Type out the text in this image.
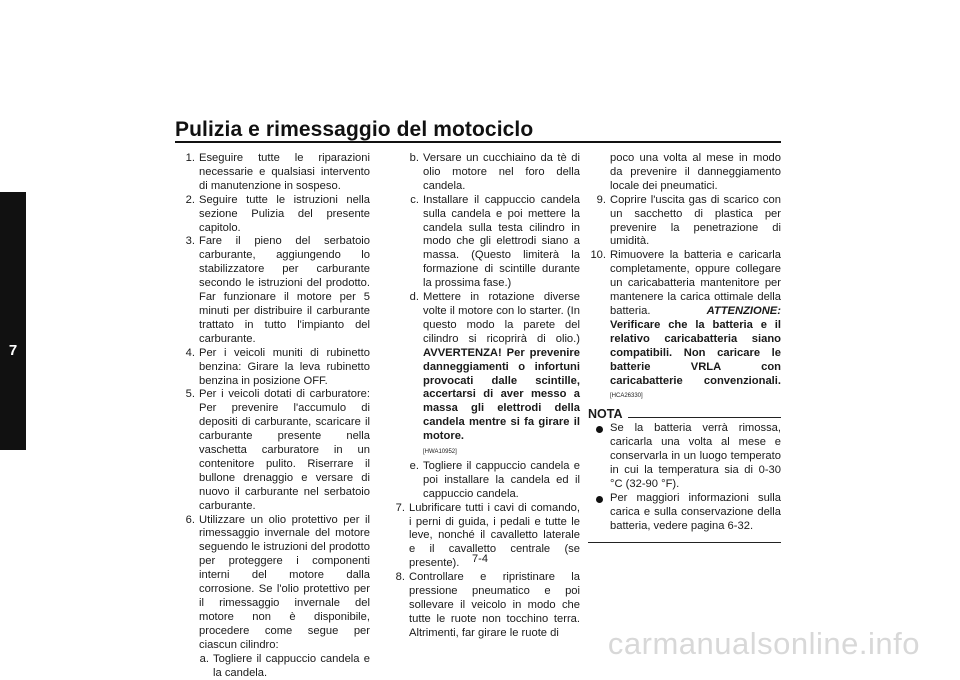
Pulizia e rimessaggio del motociclo
7
1. Eseguire tutte le riparazioni necessarie e qualsiasi intervento di manutenzione in sospeso.
2. Seguire tutte le istruzioni nella sezione Pulizia del presente capitolo.
3. Fare il pieno del serbatoio carburante, aggiungendo lo stabilizzatore per carburante secondo le istruzioni del prodotto. Far funzionare il motore per 5 minuti per distribuire il carburante trattato in tutto l'impianto del carburante.
4. Per i veicoli muniti di rubinetto benzina: Girare la leva rubinetto benzina in posizione OFF.
5. Per i veicoli dotati di carburatore: Per prevenire l'accumulo di depositi di carburante, scaricare il carburante presente nella vaschetta carburatore in un contenitore pulito. Riserrare il bullone drenaggio e versare di nuovo il carburante nel serbatoio carburante.
6. Utilizzare un olio protettivo per il rimessaggio invernale del motore seguendo le istruzioni del prodotto per proteggere i componenti interni del motore dalla corrosione. Se l'olio protettivo per il rimessaggio invernale del motore non è disponibile, procedere come segue per ciascun cilindro:
a. Togliere il cappuccio candela e la candela.
b. Versare un cucchiaino da tè di olio motore nel foro della candela.
c. Installare il cappuccio candela sulla candela e poi mettere la candela sulla testa cilindro in modo che gli elettrodi siano a massa. (Questo limiterà la formazione di scintille durante la prossima fase.)
d. Mettere in rotazione diverse volte il motore con lo starter. (In questo modo la parete del cilindro si ricoprirà di olio.) AVVERTENZA! Per prevenire danneggiamenti o infortuni provocati dalle scintille, accertarsi di aver messo a massa gli elettrodi della candela mentre si fa girare il motore.
[HWA10952]
e. Togliere il cappuccio candela e poi installare la candela ed il cappuccio candela.
7. Lubrificare tutti i cavi di comando, i perni di guida, i pedali e tutte le leve, nonché il cavalletto laterale e il cavalletto centrale (se presente).
8. Controllare e ripristinare la pressione pneumatico e poi sollevare il veicolo in modo che tutte le ruote non tocchino terra. Altrimenti, far girare le ruote di
poco una volta al mese in modo da prevenire il danneggiamento locale dei pneumatici.
9. Coprire l'uscita gas di scarico con un sacchetto di plastica per prevenire la penetrazione di umidità.
10. Rimuovere la batteria e caricarla completamente, oppure collegare un caricabatteria mantenitore per mantenere la carica ottimale della batteria.	ATTENZIONE: Verificare che la batteria e il relativo caricabatteria siano compatibili. Non caricare le batterie VRLA con caricabatterie convenzionali. [HCA26330]
NOTA
Se la batteria verrà rimossa, caricarla una volta al mese e conservarla in un luogo temperato in cui la temperatura sia di 0-30 °C (32-90 °F).
Per maggiori informazioni sulla carica e sulla conservazione della batteria, vedere pagina 6-32.
7-4
carmanualsonline.info
